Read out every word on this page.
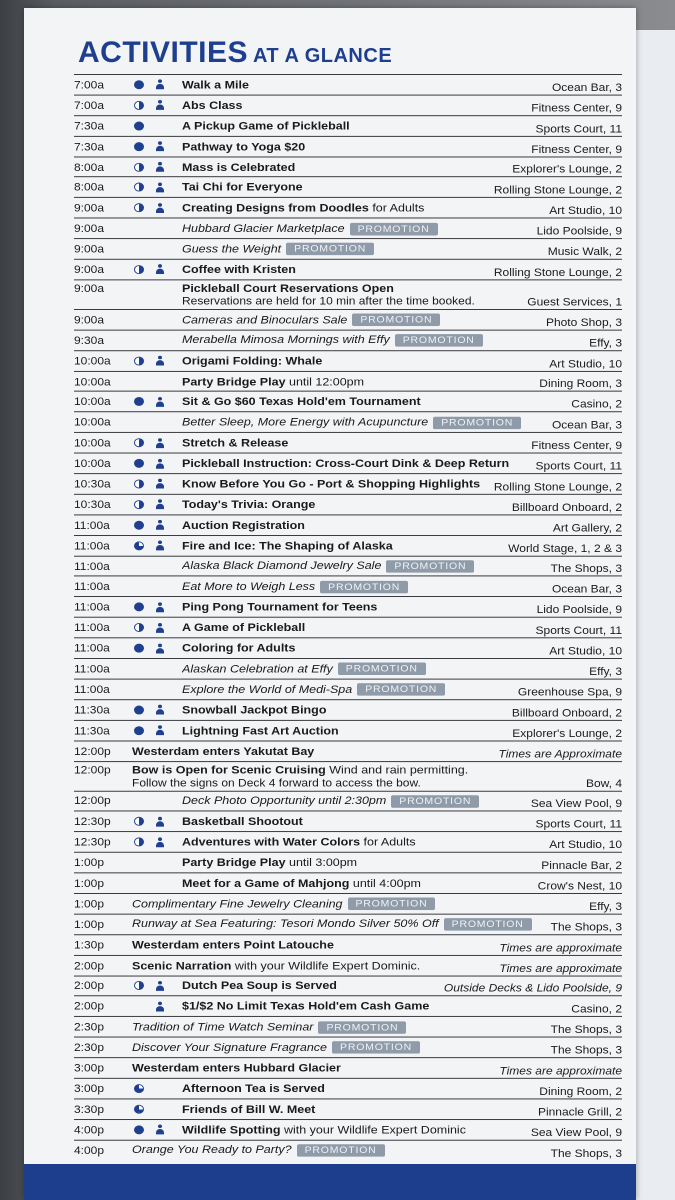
ACTIVITIES AT A GLANCE
7:00a	Walk a Mile	Ocean Bar, 3
7:00a	Abs Class	Fitness Center, 9
7:30a	A Pickup Game of Pickleball	Sports Court, 11
7:30a	Pathway to Yoga $20	Fitness Center, 9
8:00a	Mass is Celebrated	Explorer's Lounge, 2
8:00a	Tai Chi for Everyone	Rolling Stone Lounge, 2
9:00a	Creating Designs from Doodles for Adults	Art Studio, 10
9:00a	Hubbard Glacier Marketplace PROMOTION	Lido Poolside, 9
9:00a	Guess the Weight PROMOTION	Music Walk, 2
9:00a	Coffee with Kristen	Rolling Stone Lounge, 2
9:00a	Pickleball Court Reservations Open
Reservations are held for 10 min after the time booked.	Guest Services, 1
9:00a	Cameras and Binoculars Sale PROMOTION	Photo Shop, 3
9:30a	Merabella Mimosa Mornings with Effy PROMOTION	Effy, 3
10:00a	Origami Folding: Whale	Art Studio, 10
10:00a	Party Bridge Play until 12:00pm	Dining Room, 3
10:00a	Sit & Go $60 Texas Hold'em Tournament	Casino, 2
10:00a	Better Sleep, More Energy with Acupuncture PROMOTION	Ocean Bar, 3
10:00a	Stretch & Release	Fitness Center, 9
10:00a	Pickleball Instruction: Cross-Court Dink & Deep Return	Sports Court, 11
10:30a	Know Before You Go - Port & Shopping Highlights	Rolling Stone Lounge, 2
10:30a	Today's Trivia: Orange	Billboard Onboard, 2
11:00a	Auction Registration	Art Gallery, 2
11:00a	Fire and Ice: The Shaping of Alaska	World Stage, 1, 2 & 3
11:00a	Alaska Black Diamond Jewelry Sale PROMOTION	The Shops, 3
11:00a	Eat More to Weigh Less PROMOTION	Ocean Bar, 3
11:00a	Ping Pong Tournament for Teens	Lido Poolside, 9
11:00a	A Game of Pickleball	Sports Court, 11
11:00a	Coloring for Adults	Art Studio, 10
11:00a	Alaskan Celebration at Effy PROMOTION	Effy, 3
11:00a	Explore the World of Medi-Spa PROMOTION	Greenhouse Spa, 9
11:30a	Snowball Jackpot Bingo	Billboard Onboard, 2
11:30a	Lightning Fast Art Auction	Explorer's Lounge, 2
12:00p	Westerdam enters Yakutat Bay	Times are Approximate
12:00p	Bow is Open for Scenic Cruising Wind and rain permitting.
Follow the signs on Deck 4 forward to access the bow.	Bow, 4
12:00p	Deck Photo Opportunity until 2:30pm PROMOTION	Sea View Pool, 9
12:30p	Basketball Shootout	Sports Court, 11
12:30p	Adventures with Water Colors for Adults	Art Studio, 10
1:00p	Party Bridge Play until 3:00pm	Pinnacle Bar, 2
1:00p	Meet for a Game of Mahjong until 4:00pm	Crow's Nest, 10
1:00p	Complimentary Fine Jewelry Cleaning PROMOTION	Effy, 3
1:00p	Runway at Sea Featuring: Tesori Mondo Silver 50% Off PROMOTION	The Shops, 3
1:30p	Westerdam enters Point Latouche	Times are approximate
2:00p	Scenic Narration with your Wildlife Expert Dominic.	Times are approximate
2:00p	Dutch Pea Soup is Served	Outside Decks & Lido Poolside, 9
2:00p	$1/$2 No Limit Texas Hold'em Cash Game	Casino, 2
2:30p	Tradition of Time Watch Seminar PROMOTION	The Shops, 3
2:30p	Discover Your Signature Fragrance PROMOTION	The Shops, 3
3:00p	Westerdam enters Hubbard Glacier	Times are approximate
3:00p	Afternoon Tea is Served	Dining Room, 2
3:30p	Friends of Bill W. Meet	Pinnacle Grill, 2
4:00p	Wildlife Spotting with your Wildlife Expert Dominic	Sea View Pool, 9
4:00p	Orange You Ready to Party? PROMOTION	The Shops, 3
